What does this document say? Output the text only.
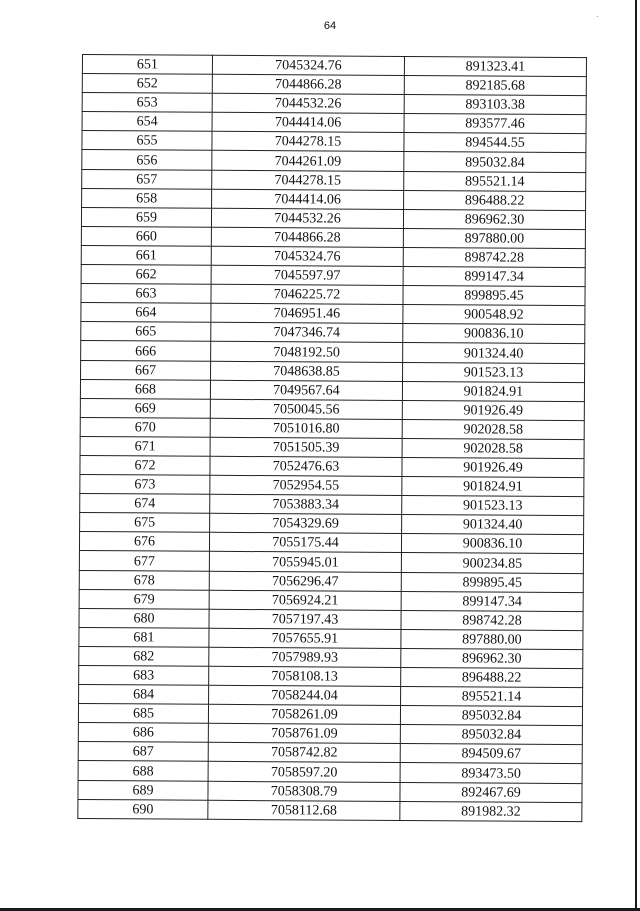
64
·
651	7045324.76	891323.41
652	7044866.28	892185.68
653	7044532.26	893103.38
654	7044414.06	893577.46
655	7044278.15	894544.55
656	7044261.09	895032.84
657	7044278.15	895521.14
658	7044414.06	896488.22
659	7044532.26	896962.30
660	7044866.28	897880.00
661	7045324.76	898742.28
662	7045597.97	899147.34
663	7046225.72	899895.45
664	7046951.46	900548.92
665	7047346.74	900836.10
666	7048192.50	901324.40
667	7048638.85	901523.13
668	7049567.64	901824.91
669	7050045.56	901926.49
670	7051016.80	902028.58
671	7051505.39	902028.58
672	7052476.63	901926.49
673	7052954.55	901824.91
674	7053883.34	901523.13
675	7054329.69	901324.40
676	7055175.44	900836.10
677	7055945.01	900234.85
678	7056296.47	899895.45
679	7056924.21	899147.34
680	7057197.43	898742.28
681	7057655.91	897880.00
682	7057989.93	896962.30
683	7058108.13	896488.22
684	7058244.04	895521.14
685	7058261.09	895032.84
686	7058761.09	895032.84
687	7058742.82	894509.67
688	7058597.20	893473.50
689	7058308.79	892467.69
690	7058112.68	891982.32
